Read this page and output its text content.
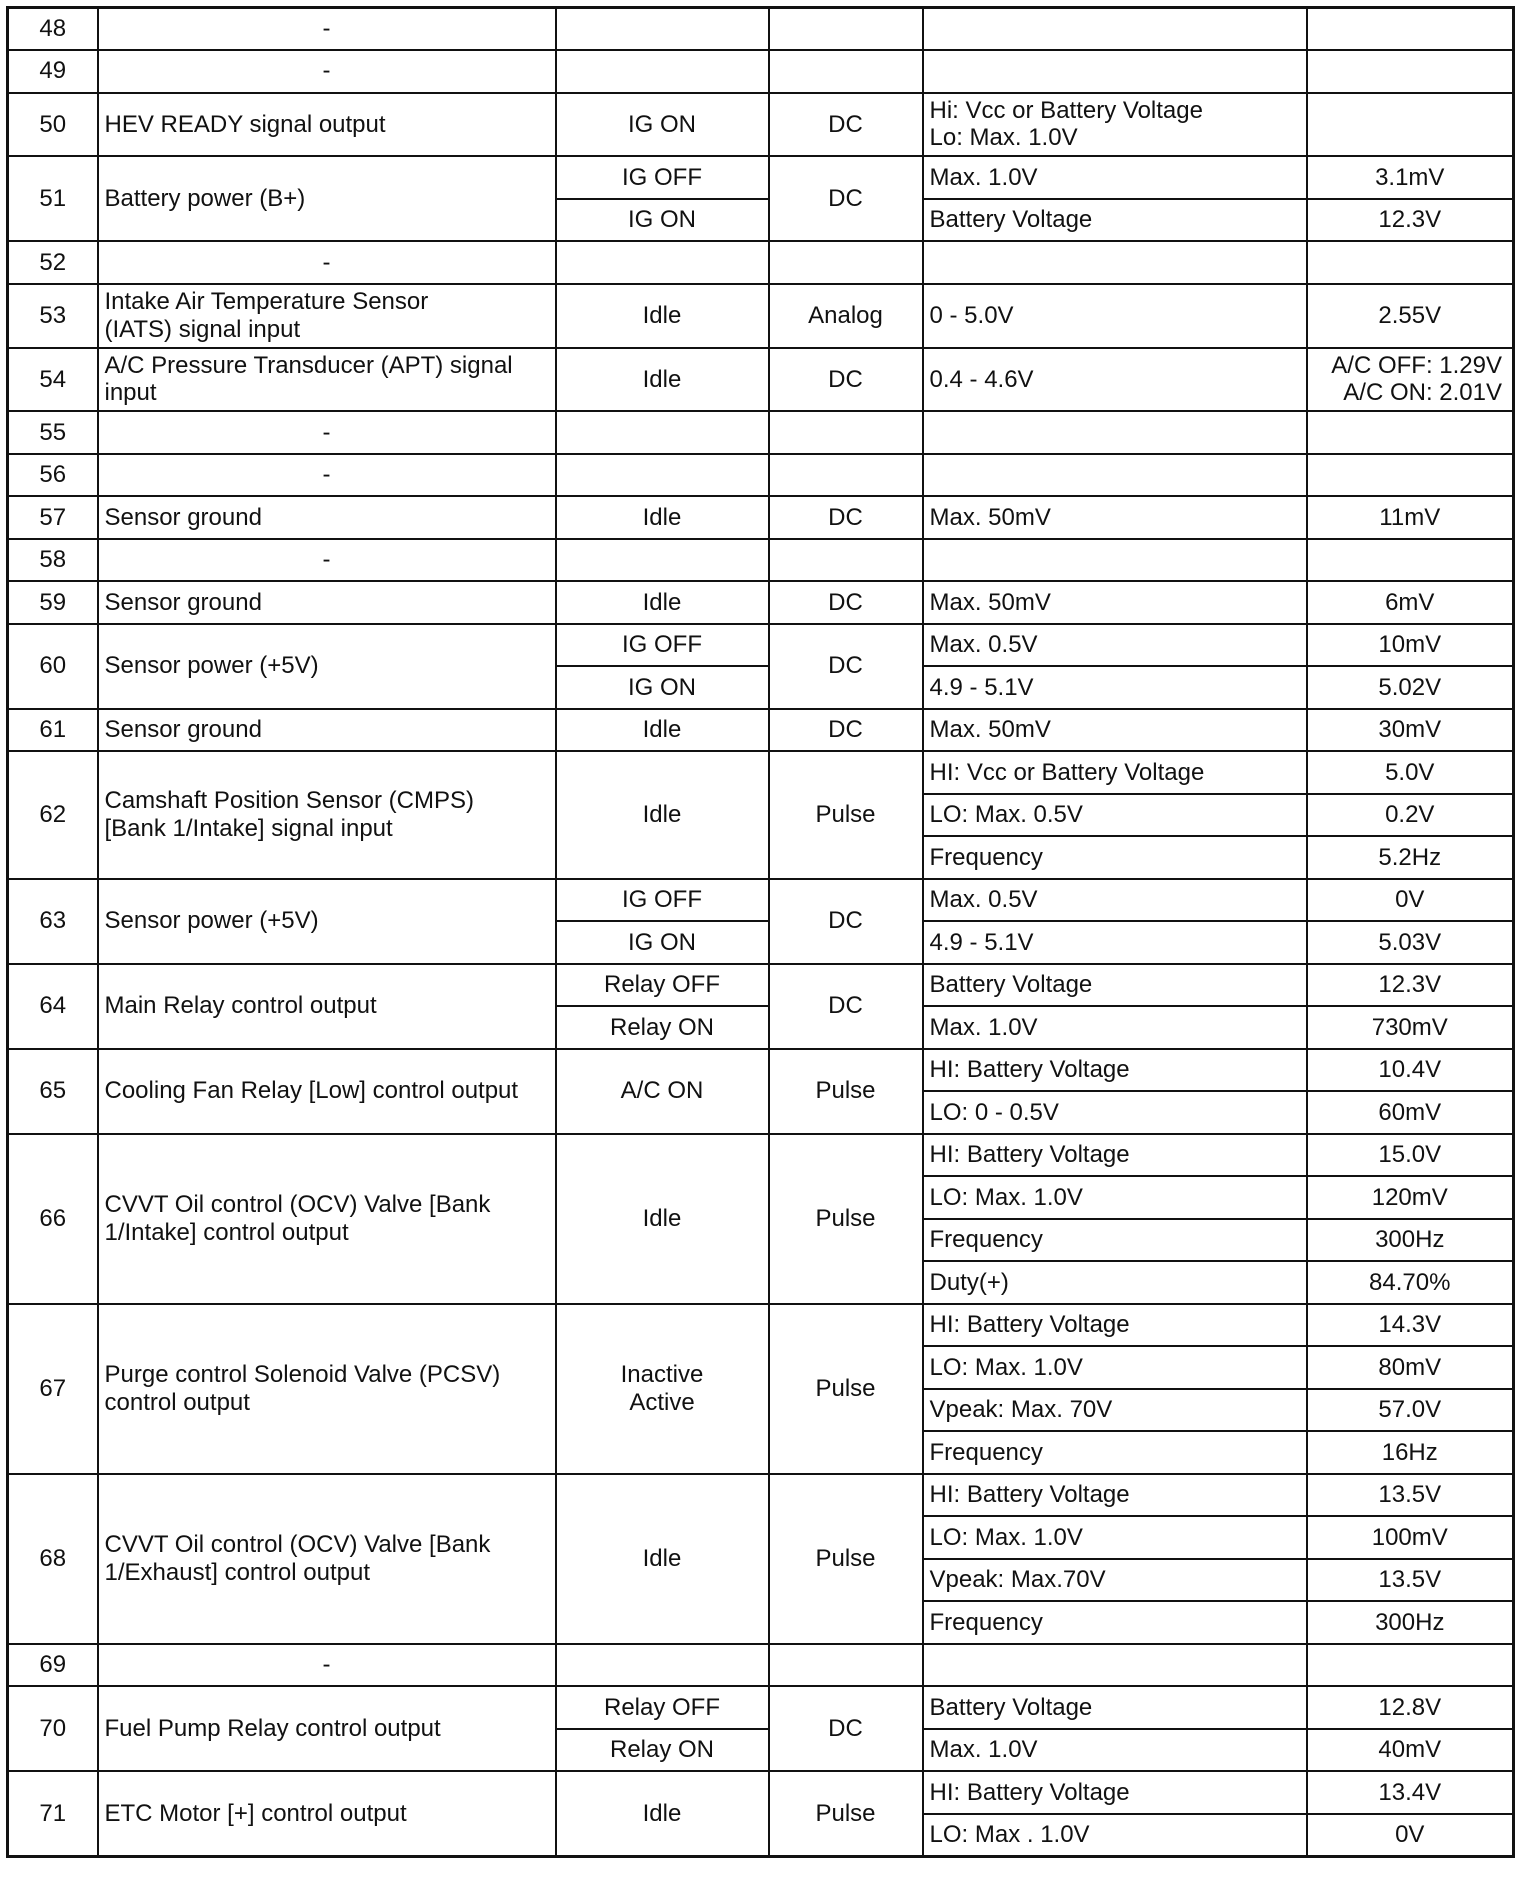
48	-				
49	-				
50	HEV READY signal output	IG ON	DC	Hi: Vcc or Battery Voltage
Lo: Max. 1.0V	

51	Battery power (B+)	IG OFF	DC	Max. 1.0V	3.1mV
		IG ON		Battery Voltage	12.3V
52	-				
53	Intake Air Temperature Sensor
(IATS) signal input	Idle	Analog	0 - 5.0V	2.55V
54	A/C Pressure Transducer (APT) signal
input	Idle	DC	0.4 - 4.6V	A/C OFF: 1.29V
A/C ON: 2.01V

55	-				
56	-				
57	Sensor ground	Idle	DC	Max. 50mV	11mV
58	-				
59	Sensor ground	Idle	DC	Max. 50mV	6mV
60	Sensor power (+5V)	IG OFF	DC	Max. 0.5V	10mV
		IG ON		4.9 - 5.1V	5.02V
61	Sensor ground	Idle	DC	Max. 50mV	30mV
62	Camshaft Position Sensor (CMPS)
[Bank 1/Intake] signal input	Idle	Pulse	HI: Vcc or Battery Voltage	5.0V
				LO: Max. 0.5V	0.2V
				Frequency	5.2Hz
63	Sensor power (+5V)	IG OFF	DC	Max. 0.5V	0V
		IG ON		4.9 - 5.1V	5.03V
64	Main Relay control output	Relay OFF	DC	Battery Voltage	12.3V
		Relay ON		Max. 1.0V	730mV
65	Cooling Fan Relay [Low] control output	A/C ON	Pulse	HI: Battery Voltage	10.4V
				LO: 0 - 0.5V	60mV
66	CVVT Oil control (OCV) Valve [Bank
1/Intake] control output	Idle	Pulse	HI: Battery Voltage	15.0V
				LO: Max. 1.0V	120mV
				Frequency	300Hz
				Duty(+)	84.70%
67	Purge control Solenoid Valve (PCSV)
control output	Inactive
Active	Pulse	HI: Battery Voltage	14.3V
				LO: Max. 1.0V	80mV
				Vpeak: Max. 70V	57.0V
				Frequency	16Hz
68	CVVT Oil control (OCV) Valve [Bank
1/Exhaust] control output	Idle	Pulse	HI: Battery Voltage	13.5V
				LO: Max. 1.0V	100mV
				Vpeak: Max.70V	13.5V
				Frequency	300Hz
69	-				
70	Fuel Pump Relay control output	Relay OFF	DC	Battery Voltage	12.8V
		Relay ON		Max. 1.0V	40mV
71	ETC Motor [+] control output	Idle	Pulse	HI: Battery Voltage	13.4V
				LO: Max . 1.0V	0V
